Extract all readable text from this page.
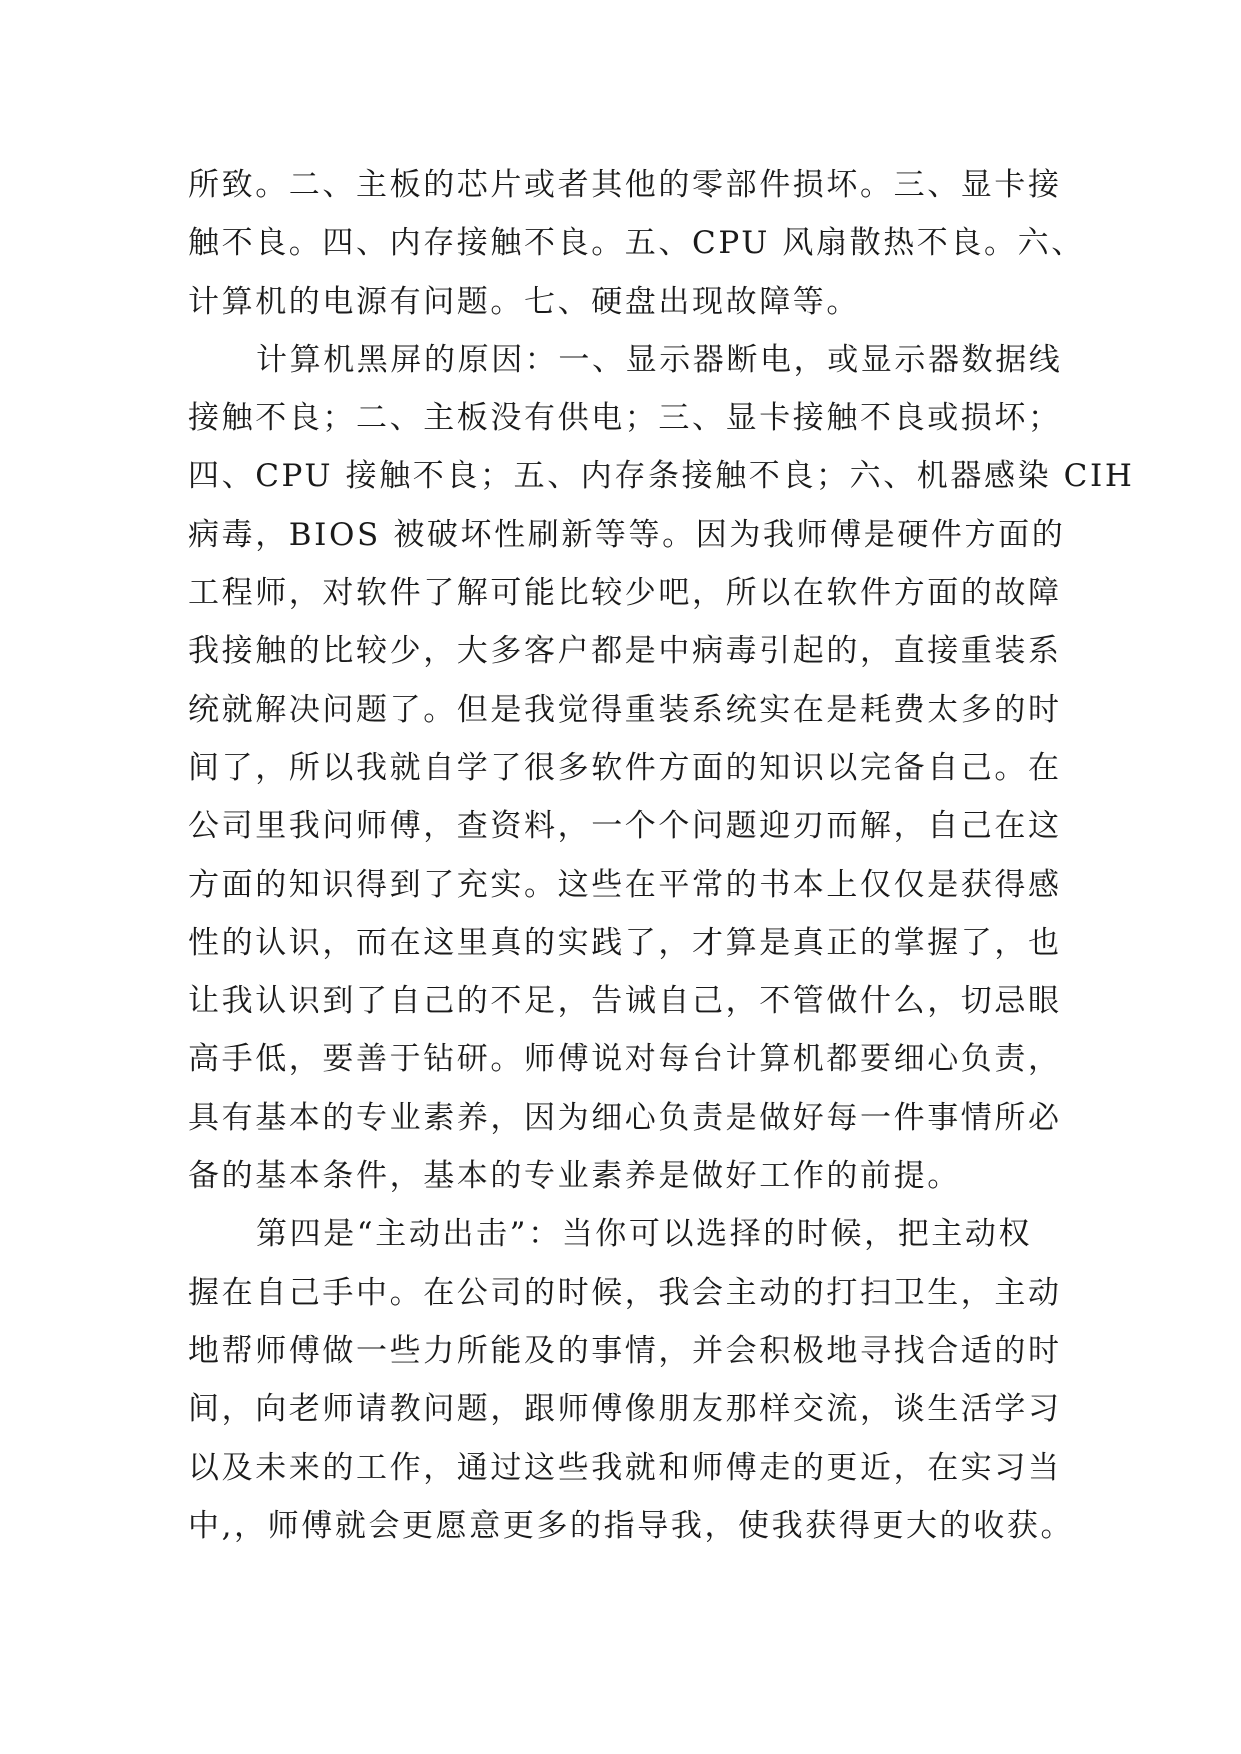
所致。二、主板的芯片或者其他的零部件损坏。三、显卡接
触不良。四、内存接触不良。五、CPU 风扇散热不良。六、
计算机的电源有问题。七、硬盘出现故障等。
计算机黑屏的原因：一、显示器断电，或显示器数据线
接触不良；二、主板没有供电；三、显卡接触不良或损坏；
四、CPU 接触不良；五、内存条接触不良；六、机器感染 CIH
病毒，BIOS 被破坏性刷新等等。因为我师傅是硬件方面的
工程师，对软件了解可能比较少吧，所以在软件方面的故障
我接触的比较少，大多客户都是中病毒引起的，直接重装系
统就解决问题了。但是我觉得重装系统实在是耗费太多的时
间了，所以我就自学了很多软件方面的知识以完备自己。在
公司里我问师傅，查资料，一个个问题迎刃而解，自己在这
方面的知识得到了充实。这些在平常的书本上仅仅是获得感
性的认识，而在这里真的实践了，才算是真正的掌握了，也
让我认识到了自己的不足，告诫自己，不管做什么，切忌眼
高手低，要善于钻研。师傅说对每台计算机都要细心负责，
具有基本的专业素养，因为细心负责是做好每一件事情所必
备的基本条件，基本的专业素养是做好工作的前提。
第四是“主动出击”：当你可以选择的时候，把主动权
握在自己手中。在公司的时候，我会主动的打扫卫生，主动
地帮师傅做一些力所能及的事情，并会积极地寻找合适的时
间，向老师请教问题，跟师傅像朋友那样交流，谈生活学习
以及未来的工作，通过这些我就和师傅走的更近，在实习当
中,，师傅就会更愿意更多的指导我，使我获得更大的收获。
